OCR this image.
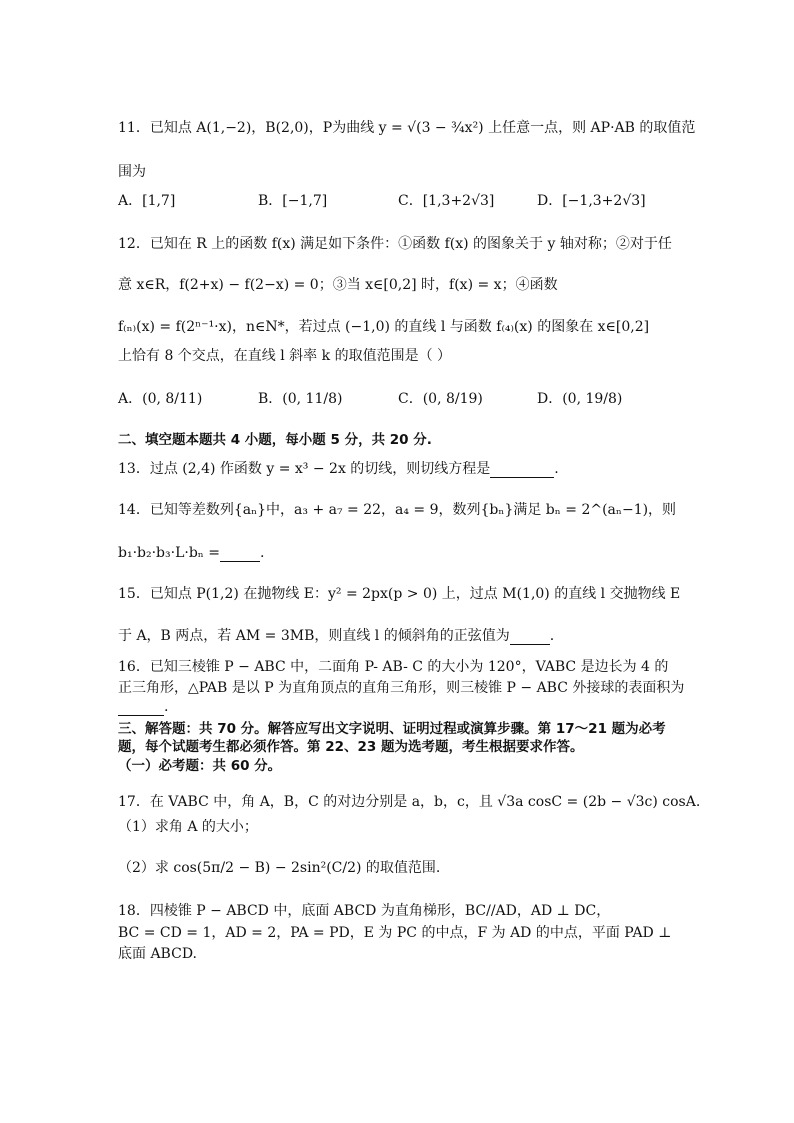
11．已知点 A(1,−2)，B(2,0)，P为曲线 y = √(3 − ¾x²) 上任意一点，则 AP·AB 的取值范
围为
A．[1,7]	B．[−1,7]	C．[1,3+2√3]	D．[−1,3+2√3]
12．已知在 R 上的函数 f(x) 满足如下条件：①函数 f(x) 的图象关于 y 轴对称；②对于任
意 x∈R，f(2+x) − f(2−x) = 0；③当 x∈[0,2] 时，f(x) = x；④函数
f₍ₙ₎(x) = f(2ⁿ⁻¹·x)，n∈N*，若过点 (−1,0) 的直线 l 与函数 f₍₄₎(x) 的图象在 x∈[0,2]
上恰有 8 个交点，在直线 l 斜率 k 的取值范围是（ ）
A．(0, 8/11)	B．(0, 11/8)	C．(0, 8/19)	D．(0, 19/8)
二、填空题本题共 4 小题，每小题 5 分，共 20 分.
13．过点 (2,4) 作函数 y = x³ − 2x 的切线，则切线方程是	.
14．已知等差数列{aₙ}中，a₃ + a₇ = 22，a₄ = 9，数列{bₙ}满足 bₙ = 2^(aₙ−1)，则
b₁·b₂·b₃·L·bₙ =	.
15．已知点 P(1,2) 在抛物线 E：y² = 2px(p > 0) 上，过点 M(1,0) 的直线 l 交抛物线 E
于 A，B 两点，若 AM = 3MB，则直线 l 的倾斜角的正弦值为	.
16．已知三棱锥 P − ABC 中，二面角 P- AB- C 的大小为 120°，VABC 是边长为 4 的
正三角形，△PAB 是以 P 为直角顶点的直角三角形，则三棱锥 P − ABC 外接球的表面积为
.
三、解答题：共 70 分。解答应写出文字说明、证明过程或演算步骤。第 17～21 题为必考
题，每个试题考生都必须作答。第 22、23 题为选考题，考生根据要求作答。
（一）必考题：共 60 分。
17．在 VABC 中，角 A，B，C 的对边分别是 a，b，c，且 √3a cosC = (2b − √3c) cosA.
（1）求角 A 的大小；
（2）求 cos(5π/2 − B) − 2sin²(C/2) 的取值范围.
18．四棱锥 P − ABCD 中，底面 ABCD 为直角梯形，BC//AD，AD ⊥ DC，
BC = CD = 1，AD = 2，PA = PD，E 为 PC 的中点，F 为 AD 的中点，平面 PAD ⊥
底面 ABCD.
